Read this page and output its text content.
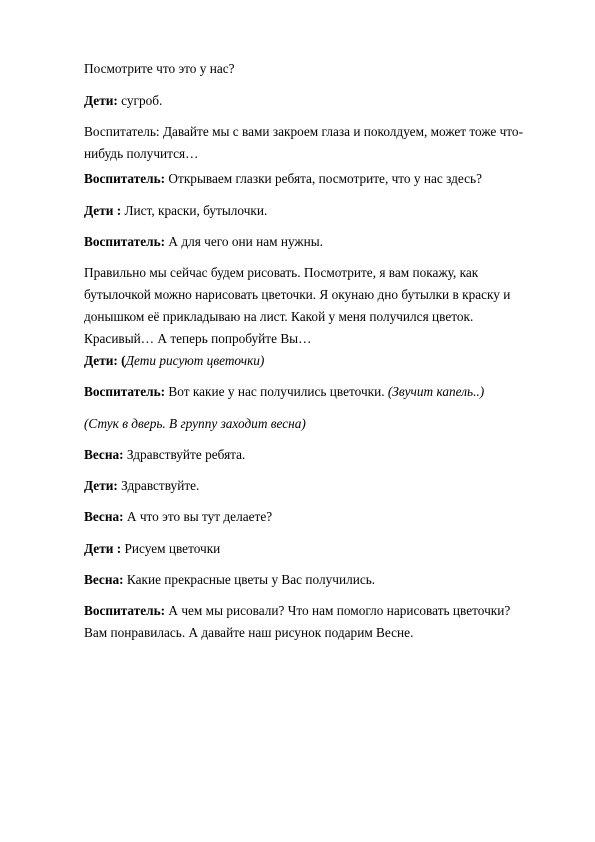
Посмотрите что это у нас?
Дети: сугроб.
Воспитатель: Давайте мы с вами закроем глаза и поколдуем, может тоже что-
нибудь получится…
Воспитатель: Открываем глазки ребята, посмотрите, что у нас здесь?
Дети : Лист, краски, бутылочки.
Воспитатель: А для чего они нам нужны.
Правильно мы сейчас будем рисовать. Посмотрите, я вам покажу, как
бутылочкой можно нарисовать цветочки. Я окунаю дно бутылки в краску и
донышком её прикладываю на лист. Какой у меня получился цветок.
Красивый… А теперь попробуйте Вы…
Дети: (Дети рисуют цветочки)
Воспитатель: Вот какие у нас получились цветочки. (Звучит капель..)
(Стук в дверь. В группу заходит весна)
Весна: Здравствуйте ребята.
Дети: Здравствуйте.
Весна: А что это вы тут делаете?
Дети : Рисуем цветочки
Весна: Какие прекрасные цветы у Вас получились.
Воспитатель: А чем мы рисовали? Что нам помогло нарисовать цветочки?
Вам понравилась. А давайте наш рисунок подарим Весне.
